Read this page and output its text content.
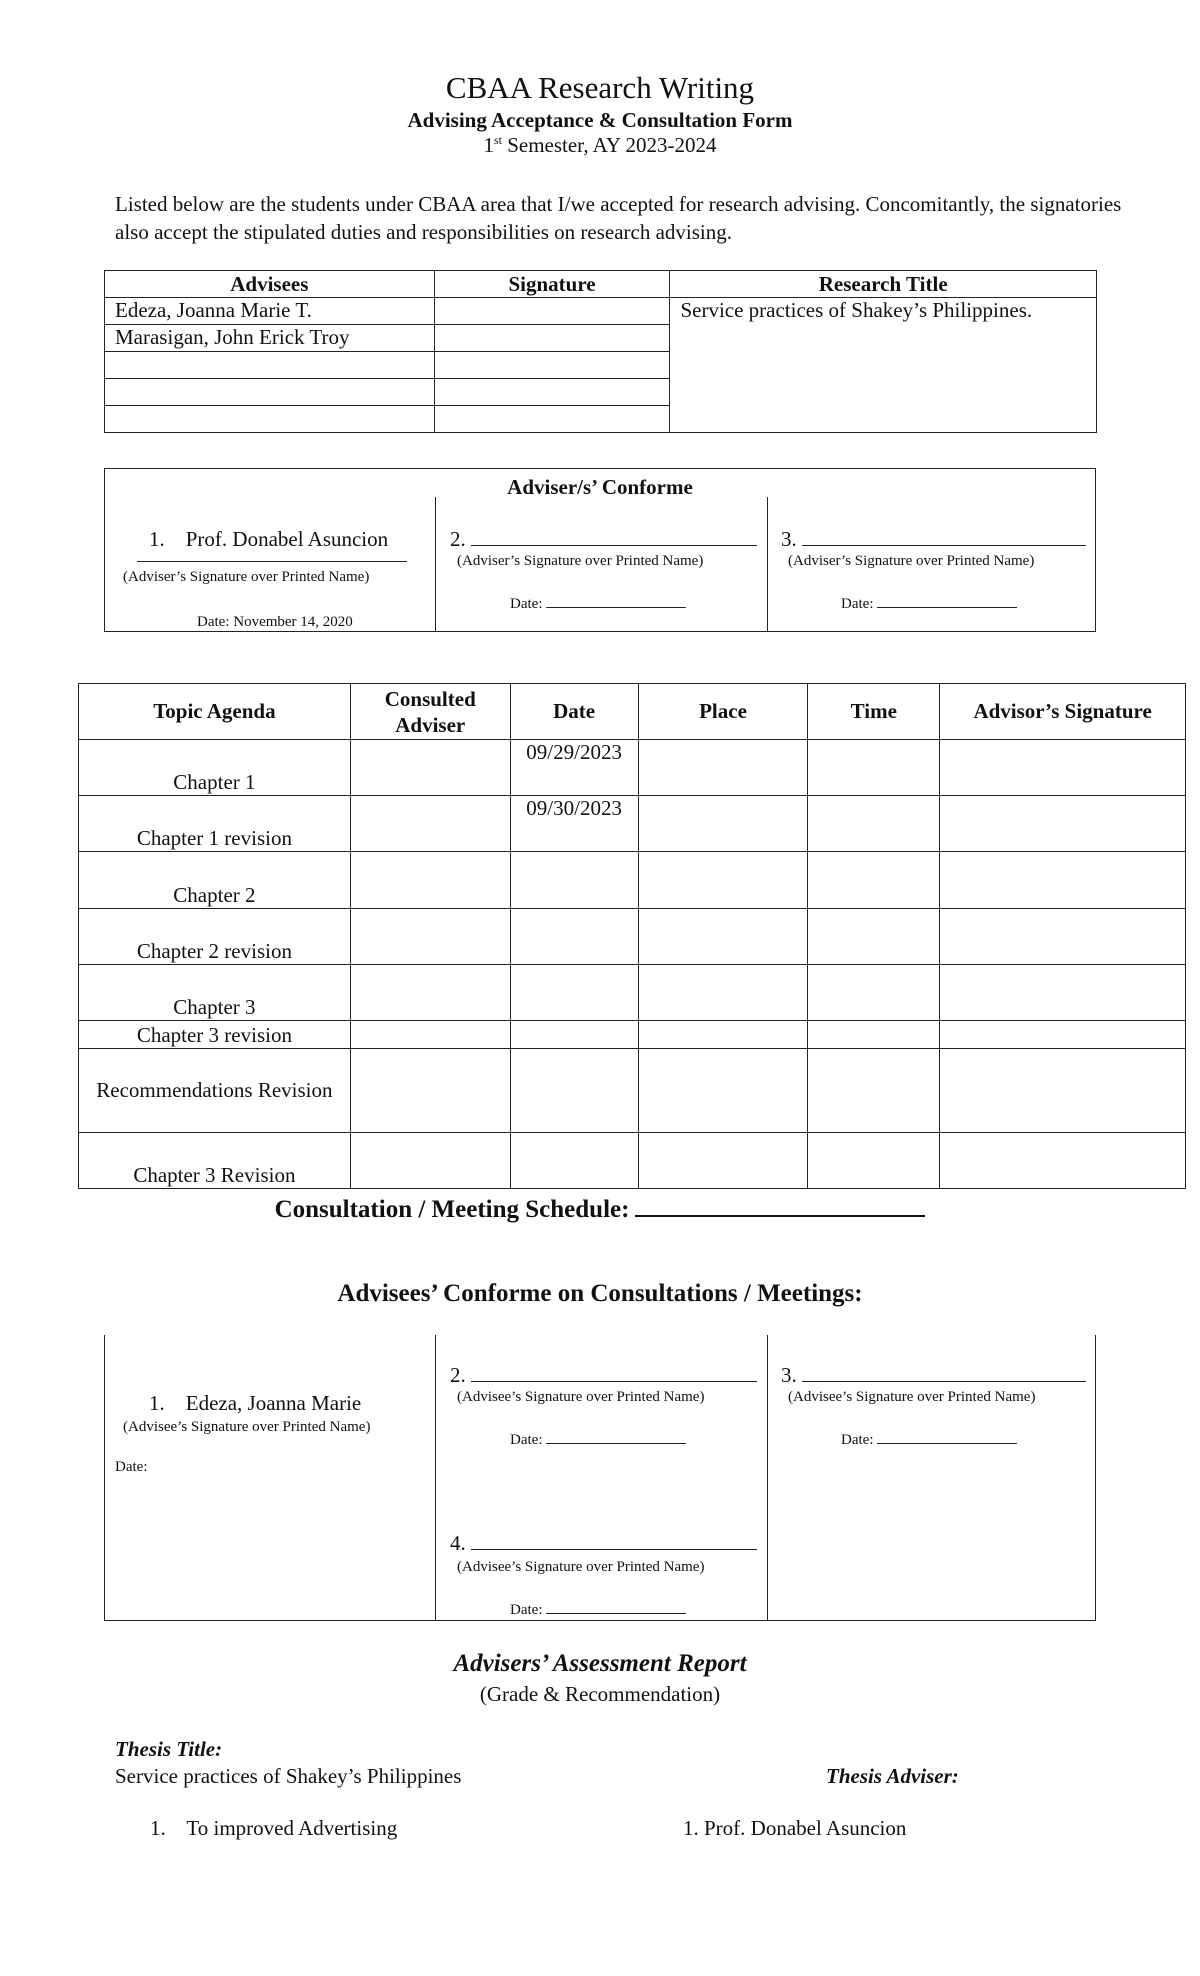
CBAA Research Writing
Advising Acceptance & Consultation Form
1st Semester, AY 2023-2024
Listed below are the students under CBAA area that I/we accepted for research advising. Concomitantly, the signatories also accept the stipulated duties and responsibilities on research advising.
Advisees	Signature	Research Title
Edeza, Joanna Marie T.		Service practices of Shakey’s Philippines.
Marasigan, John Erick Troy		

Adviser/s’ Conforme
1. Prof. Donabel Asuncion
(Adviser’s Signature over Printed Name)
Date: November 14, 2020
2.
(Adviser’s Signature over Printed Name)
Date:
3.
(Adviser’s Signature over Printed Name)
Date:
Topic Agenda	Consulted Adviser	Date	Place	Time	Advisor’s Signature
Chapter 1		09/29/2023			
Chapter 1 revision		09/30/2023			
Chapter 2					
Chapter 2 revision					
Chapter 3					
Chapter 3 revision					
Recommendations Revision					
Chapter 3 Revision					
Consultation / Meeting Schedule:
Advisees’ Conforme on Consultations / Meetings:
1. Edeza, Joanna Marie
(Advisee’s Signature over Printed Name)
Date:
2.
(Advisee’s Signature over Printed Name)
Date:
3.
(Advisee’s Signature over Printed Name)
Date:
4.
(Advisee’s Signature over Printed Name)
Date:
Advisers’ Assessment Report
(Grade & Recommendation)
Thesis Title:
Service practices of Shakey’s Philippines	Thesis Adviser:
1. To improved Advertising	1. Prof. Donabel Asuncion
